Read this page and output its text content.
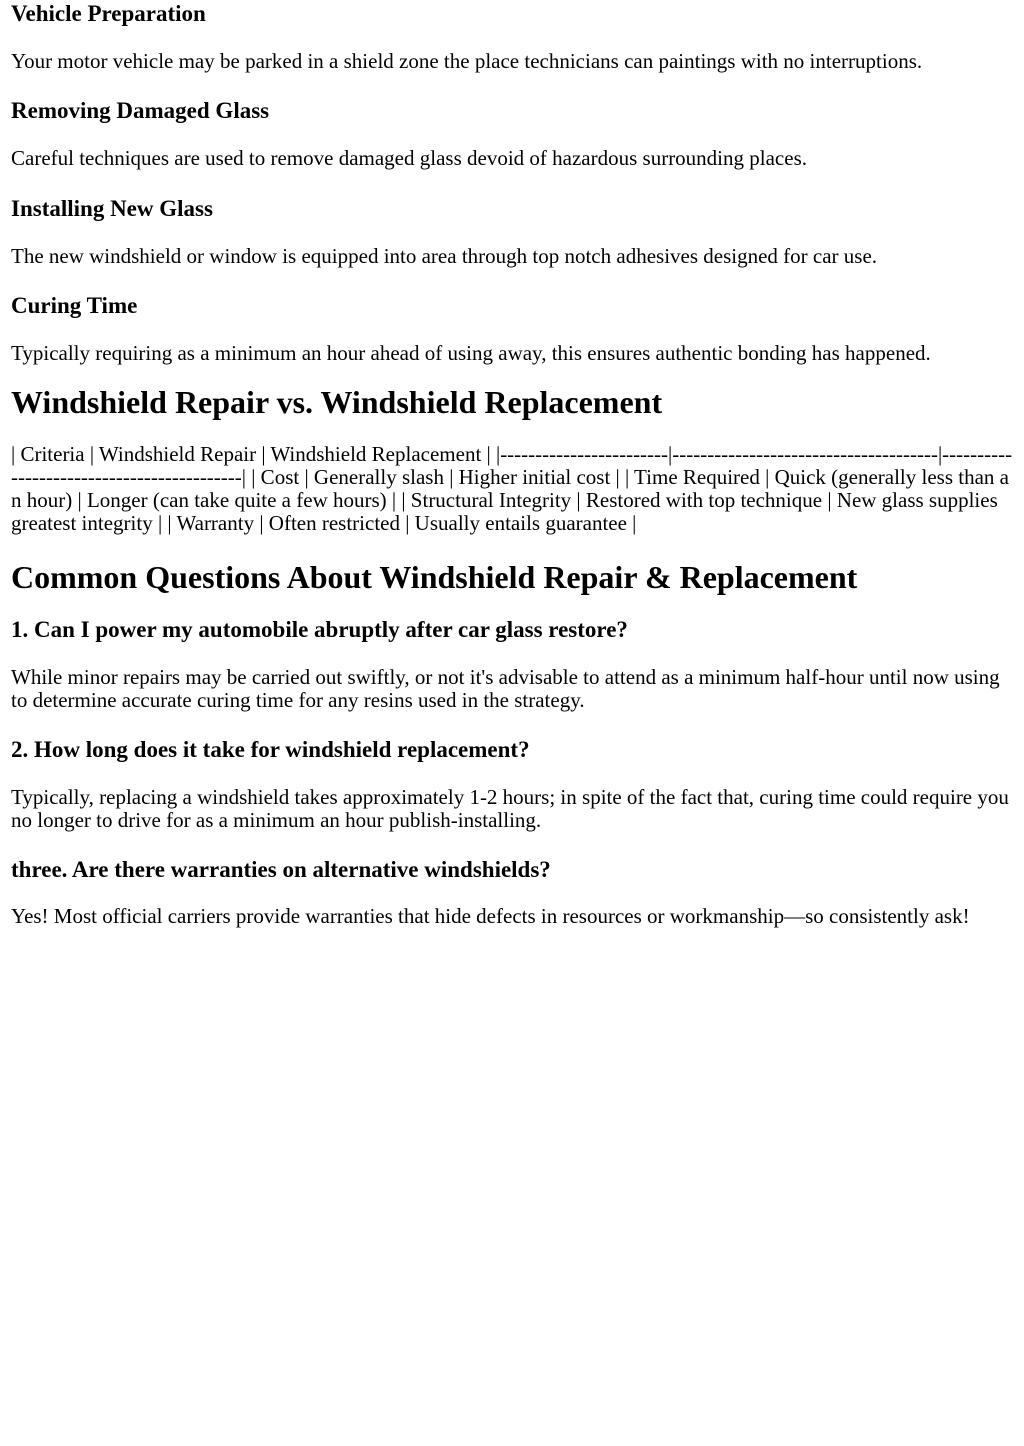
Vehicle Preparation

Your motor vehicle may be parked in a shield zone the place technicians can paintings with no interruptions.

Removing Damaged Glass

Careful techniques are used to remove damaged glass devoid of hazardous surrounding places.

Installing New Glass

The new windshield or window is equipped into area through top notch adhesives designed for car use.

Curing Time

Typically requiring as a minimum an hour ahead of using away, this ensures authentic bonding has happened.

Windshield Repair vs. Windshield Replacement

| Criteria | Windshield Repair | Windshield Replacement | |------------------------|--------------------------------------|-------------------------------------------| | Cost | Generally slash | Higher initial cost | | Time Required | Quick (generally less than an hour) | Longer (can take quite a few hours) | | Structural Integrity | Restored with top technique | New glass supplies greatest integrity | | Warranty | Often restricted | Usually entails guarantee |

Common Questions About Windshield Repair & Replacement
1. Can I power my automobile abruptly after car glass restore?

While minor repairs may be carried out swiftly, or not it's advisable to attend as a minimum half-hour until now using to determine accurate curing time for any resins used in the strategy.

2. How long does it take for windshield replacement?

Typically, replacing a windshield takes approximately 1-2 hours; in spite of the fact that, curing time could require you no longer to drive for as a minimum an hour publish-installing.

three. Are there warranties on alternative windshields?

Yes! Most official carriers provide warranties that hide defects in resources or workmanship—so consistently ask!
